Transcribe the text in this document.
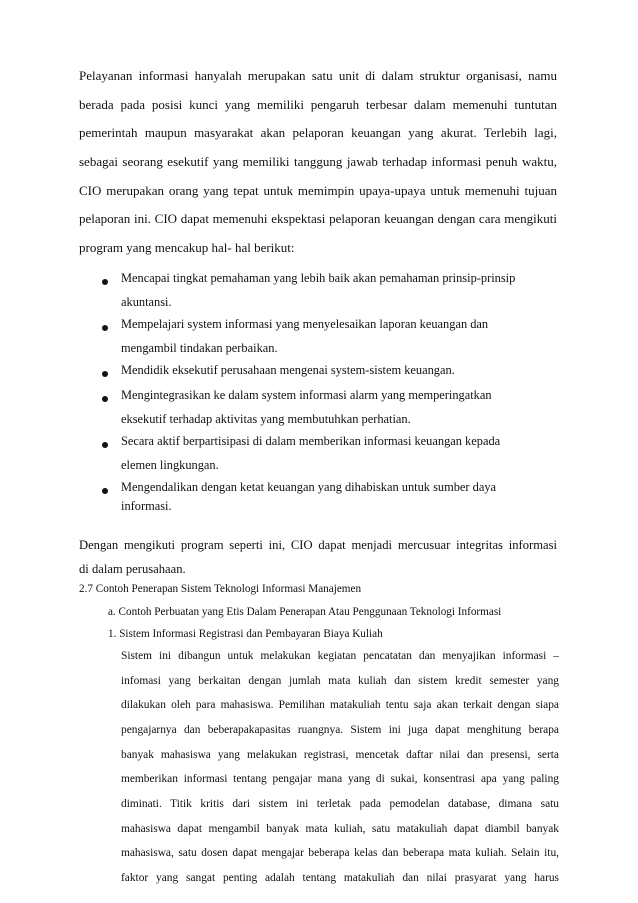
Pelayanan informasi hanyalah merupakan satu unit di dalam struktur organisasi, namu
berada pada posisi kunci yang memiliki pengaruh terbesar dalam memenuhi tuntutan
pemerintah maupun masyarakat akan pelaporan keuangan yang akurat. Terlebih lagi,
sebagai seorang esekutif yang memiliki tanggung jawab terhadap informasi penuh waktu,
CIO merupakan orang yang tepat untuk memimpin upaya-upaya untuk memenuhi tujuan
pelaporan ini. CIO dapat memenuhi ekspektasi pelaporan keuangan dengan cara mengikuti
program yang mencakup hal- hal berikut:
Mencapai tingkat pemahaman yang lebih baik akan pemahaman prinsip-prinsip
akuntansi.
Mempelajari system informasi yang menyelesaikan laporan keuangan dan
mengambil tindakan perbaikan.
Mendidik eksekutif perusahaan mengenai system-sistem keuangan.
Mengintegrasikan ke dalam system informasi alarm yang memperingatkan
eksekutif terhadap aktivitas yang membutuhkan perhatian.
Secara aktif berpartisipasi di dalam memberikan informasi keuangan kepada
elemen lingkungan.
Mengendalikan dengan ketat keuangan yang dihabiskan untuk sumber daya
informasi.
Dengan mengikuti program seperti ini, CIO dapat menjadi mercusuar integritas informasi
di dalam perusahaan.
2.7 Contoh Penerapan Sistem Teknologi Informasi Manajemen
a. Contoh Perbuatan yang Etis Dalam Penerapan Atau Penggunaan Teknologi Informasi
1. Sistem Informasi Registrasi dan Pembayaran Biaya Kuliah
Sistem ini dibangun untuk melakukan kegiatan pencatatan dan menyajikan informasi –
infomasi yang berkaitan dengan jumlah mata kuliah dan sistem kredit semester yang
dilakukan oleh para mahasiswa. Pemilihan matakuliah tentu saja akan terkait dengan siapa
pengajarnya dan beberapakapasitas ruangnya. Sistem ini juga dapat menghitung berapa
banyak mahasiswa yang melakukan registrasi, mencetak daftar nilai dan presensi, serta
memberikan informasi tentang pengajar mana yang di sukai, konsentrasi apa yang paling
diminati. Titik kritis dari sistem ini terletak pada pemodelan database, dimana satu
mahasiswa dapat mengambil banyak mata kuliah, satu matakuliah dapat diambil banyak
mahasiswa, satu dosen dapat mengajar beberapa kelas dan beberapa mata kuliah. Selain itu,
faktor yang sangat penting adalah tentang matakuliah dan nilai prasyarat yang harus
